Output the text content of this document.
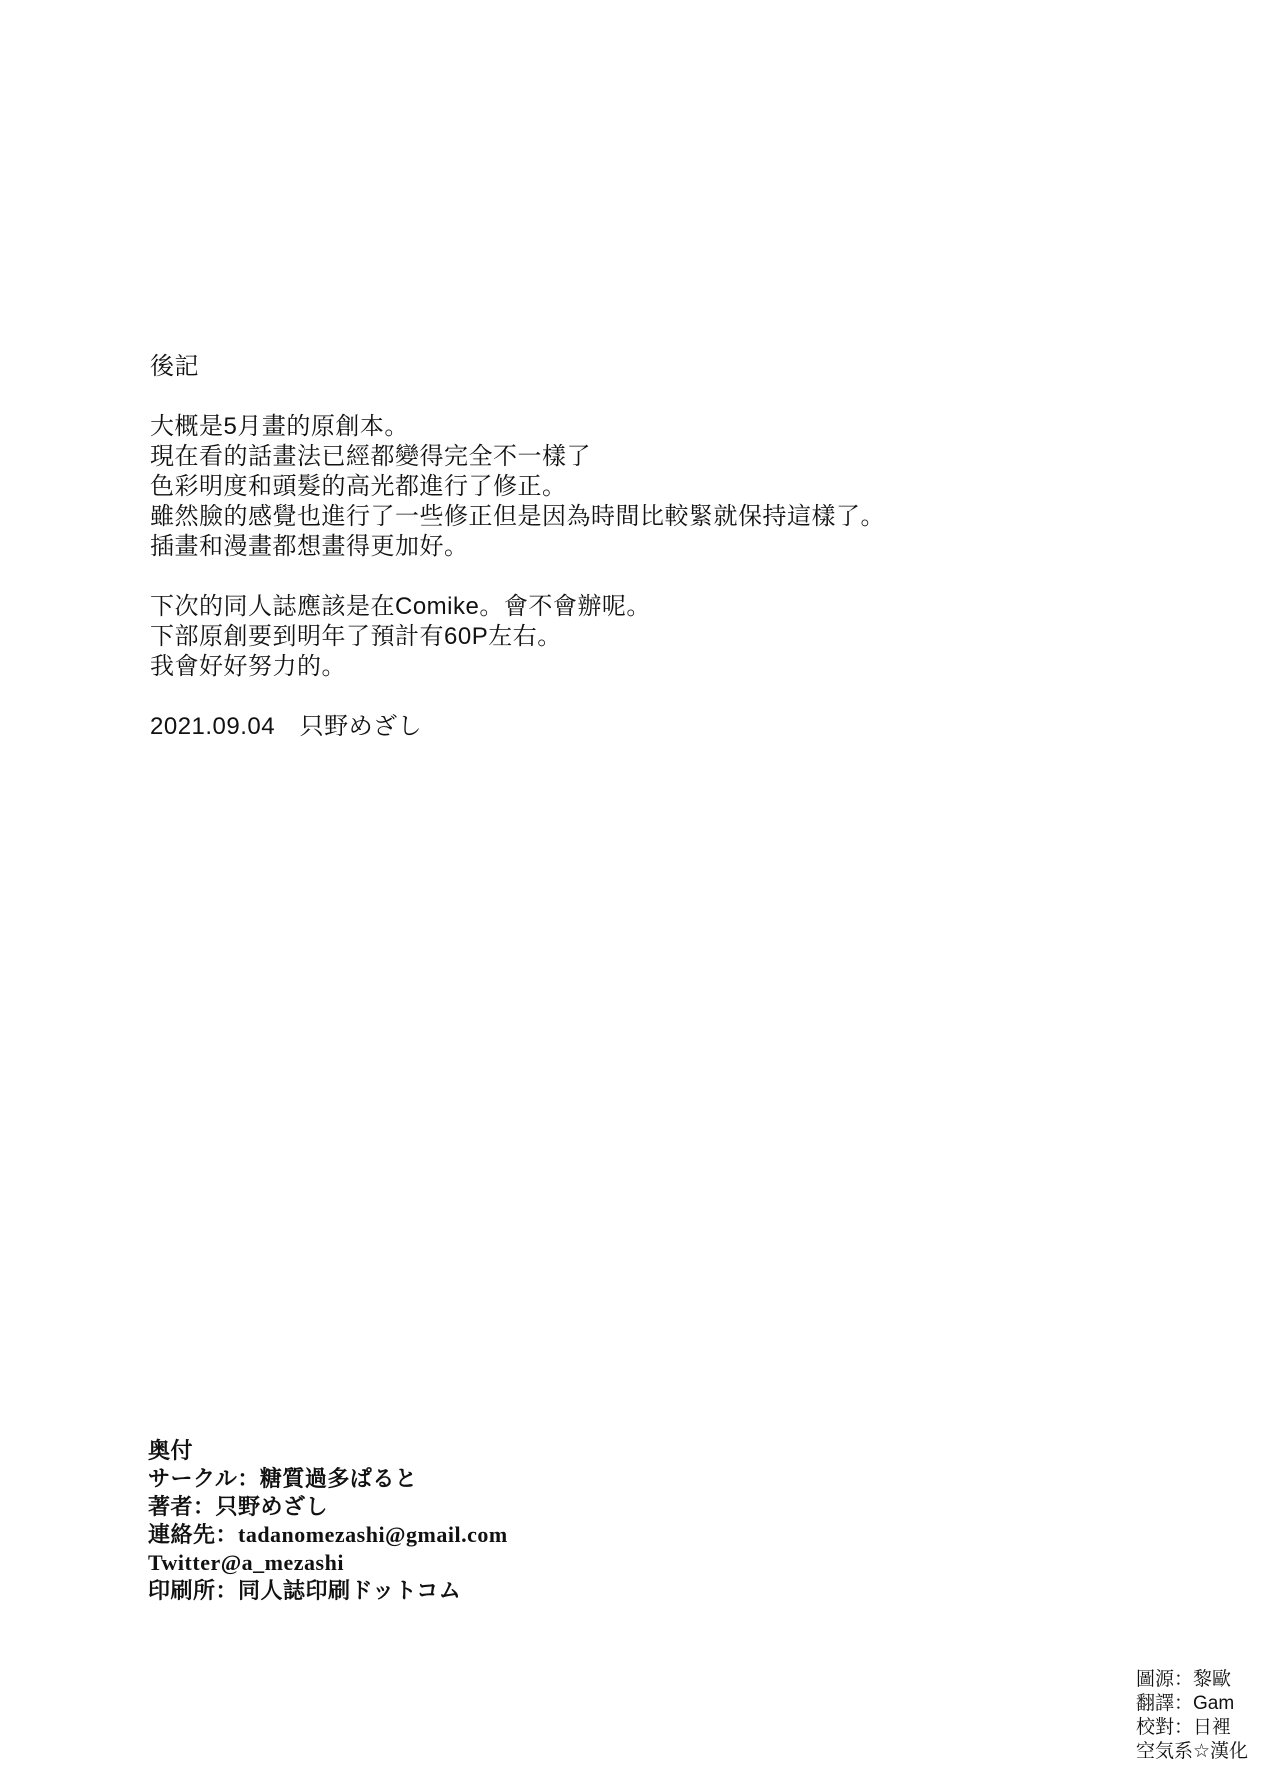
後記
大概是5月畫的原創本。
現在看的話畫法已經都變得完全不一樣了
色彩明度和頭髮的高光都進行了修正。
雖然臉的感覺也進行了一些修正但是因為時間比較緊就保持這樣了。
插畫和漫畫都想畫得更加好。
下次的同人誌應該是在Comike。會不會辦呢。
下部原創要到明年了預計有60P左右。
我會好好努力的。
2021.09.04　只野めざし
奥付
サークル：糖質過多ぱると
著者：只野めざし
連絡先：tadanomezashi@gmail.com
Twitter@a_mezashi
印刷所：同人誌印刷ドットコム
圖源：黎歐
翻譯：Gam
校對：日裡
空気系☆漢化
